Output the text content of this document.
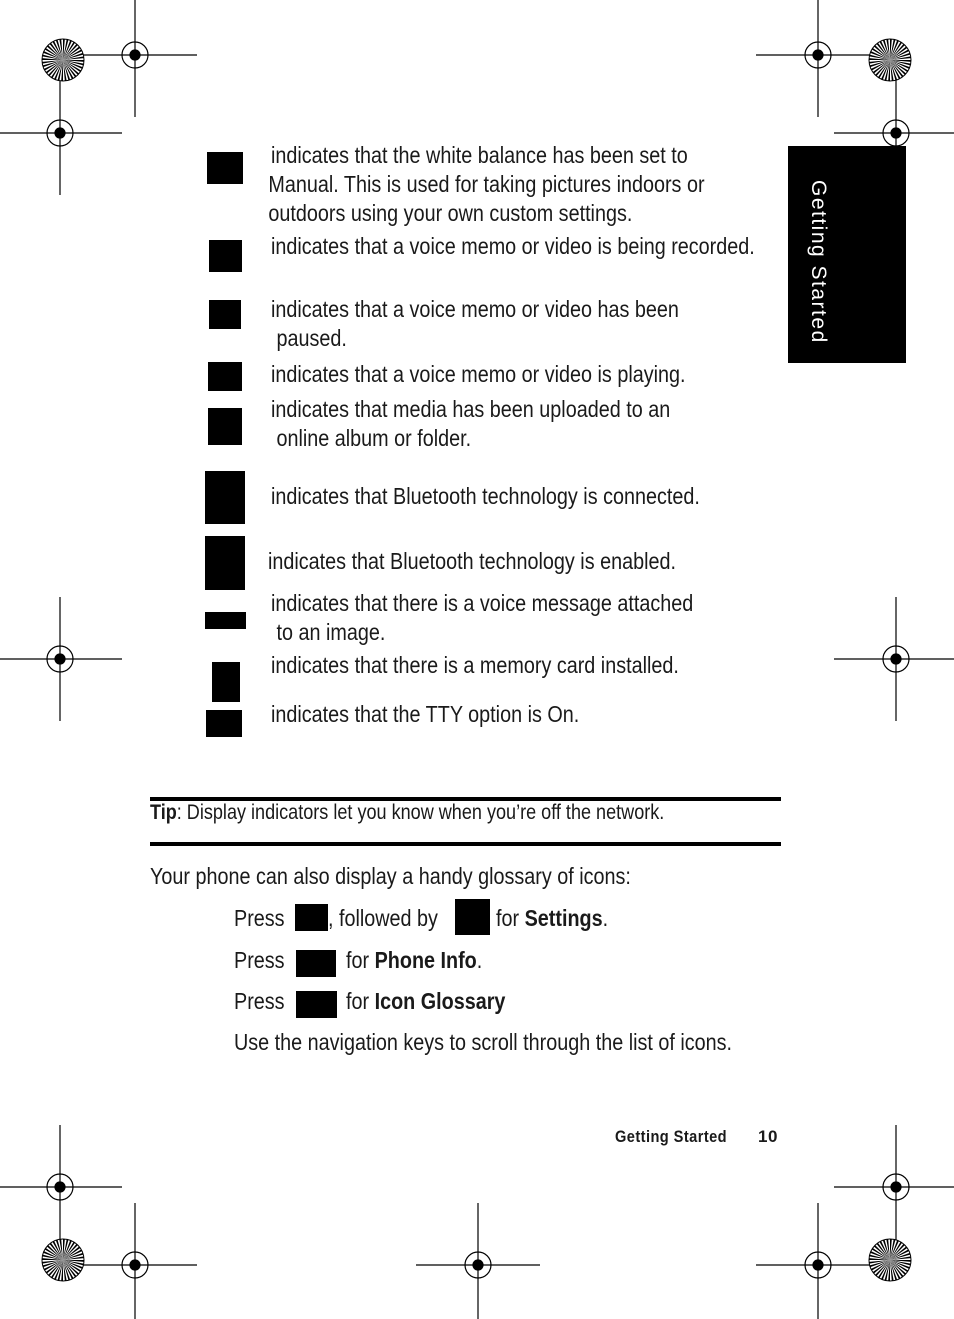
Getting Started
indicates that the white balance has been set to
Manual. This is used for taking pictures indoors or
outdoors using your own custom settings.
indicates that a voice memo or video is being recorded.
indicates that a voice memo or video has been
paused.
indicates that a voice memo or video is playing.
indicates that media has been uploaded to an
online album or folder.
indicates that Bluetooth technology is connected.
indicates that Bluetooth technology is enabled.
indicates that there is a voice message attached
to an image.
indicates that there is a memory card installed.
indicates that the TTY option is On.
Tip: Display indicators let you know when you’re off the network.
Your phone can also display a handy glossary of icons:
Press	, followed by	for Settings.
Press	for Phone Info.
Press	for Icon Glossary
Use the navigation keys to scroll through the list of icons.
Getting Started	10
